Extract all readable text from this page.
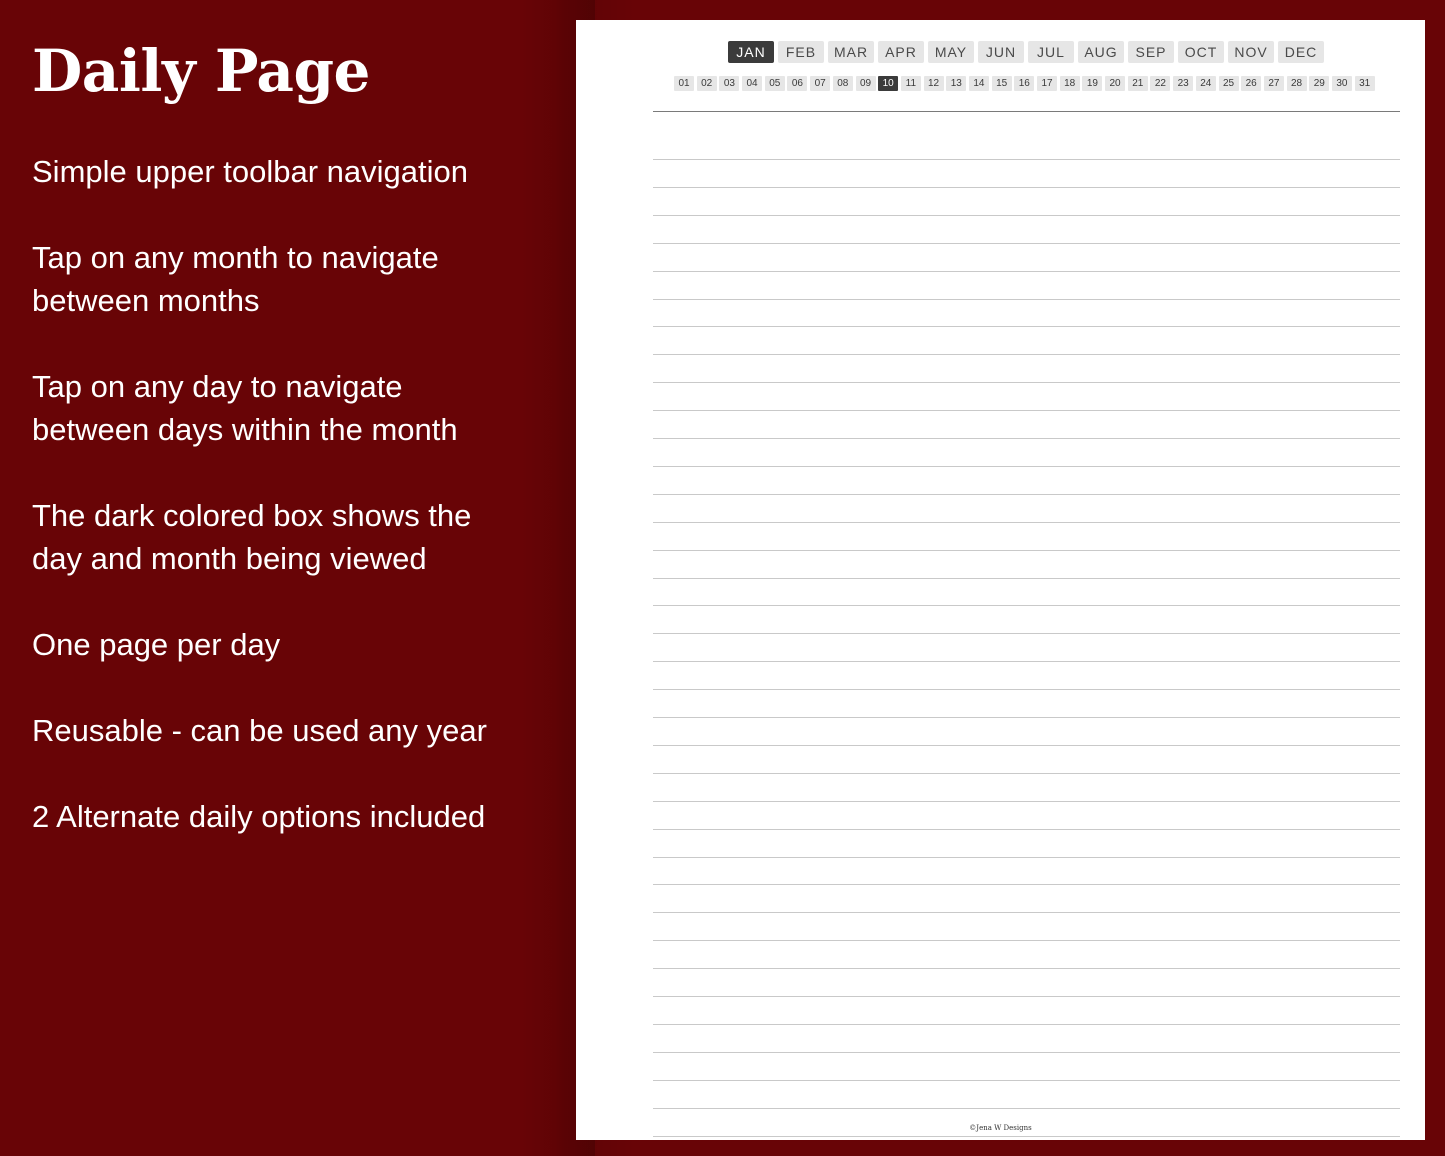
Daily Page

Simple upper toolbar navigation

Tap on any month to navigate

between months

Tap on any day to navigate

between days within the month

The dark colored box shows the

day and month being viewed

One page per day

Reusable - can be used any year

2 Alternate daily options included

JAN	FEB	MAR	APR	MAY	JUN	JUL	AUG	SEP	OCT	NOV	DEC
01	02	03	04	05	06	07	08	09	10	11	12	13	14	15	16	17	18	19	20	21	22	23	24	25	26	27	28	29	30	31
©Jena W Designs
